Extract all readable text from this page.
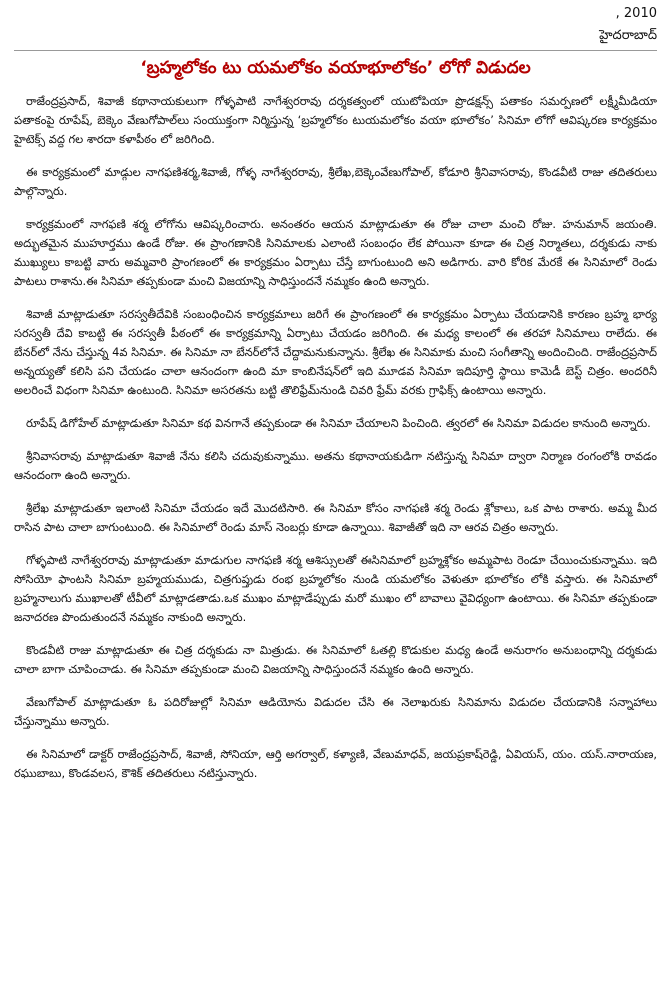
, 2010
హైదరాబాద్
‘బ్రహ్మలోకం టు యమలోకం వయాభూలోకం’ లోగో విడుదల

రాజేంద్రప్రసాద్, శివాజీ కథానాయకులుగా గోళ్ళపాటి నాగేశ్వరరావు దర్శకత్వంలో యుటోపియా ప్రొడక్షన్స్ పతాకం సమర్పణలో లక్ష్మీమీడియా పతాకంపై రూపేష్, బెక్కెం వేణుగోపాల్‌లు సంయుక్తంగా నిర్మిస్తున్న ‘బ్రహ్మలోకం టుయమలోకం వయా భూలోకం’ సినిమా లోగో ఆవిష్కరణ కార్యక్రమం హైటెక్స్ వద్ద గల శారదా కళాపీఠం లో జరిగింది.

ఈ కార్యక్రమంలో మాడ్గుల నాగఫణిశర్మ,శివాజీ, గోళ్ళ నాగేశ్వరరావు, శ్రీలేఖ,బెక్కెంవేణుగోపాల్, కోడూరి శ్రీనివాసరావు, కొండవీటి రాజు తదితరులు పాల్గొన్నారు.

కార్యక్రమంలో నాగఫణి శర్మ లోగోను ఆవిష్కరించారు. అనంతరం ఆయన మాట్లాడుతూ ఈ రోజు చాలా మంచి రోజు. హనుమాన్ జయంతి. అద్భుతమైన ముహూర్తము ఉండే రోజు. ఈ ప్రాంగణానికి సినిమాలకు ఎలాంటి సంబంధం లేక పోయినా కూడా ఈ చిత్ర నిర్మాతలు, దర్శకుడు నాకు ముఖ్యులు కాబట్టి వారు అమ్మవారి ప్రాంగణంలో ఈ కార్యక్రమం ఏర్పాటు చేస్తే బాగుంటుంది అని అడిగారు. వారి కోరిక మేరకే ఈ సినిమాలో రెండు పాటలు రాశాను.ఈ సినిమా తప్పకుండా మంచి విజయాన్ని సాధిస్తుందనే నమ్మకం ఉంది అన్నారు.

శివాజీ మాట్లాడుతూ సరస్వతీదేవికి సంబంధించిన కార్యక్రమాలు జరిగే ఈ ప్రాంగణంలో ఈ కార్యక్రమం ఏర్పాటు చేయడానికి కారణం బ్రహ్మ భార్య సరస్వతీ దేవి కాబట్టి ఈ సరస్వతీ పీఠంలో ఈ కార్యక్రమాన్ని ఏర్పాటు చేయడం జరిగింది. ఈ మధ్య కాలంలో ఈ తరహా సినిమాలు రాలేదు. ఈ బేనర్‌లో నేను చేస్తున్న 4వ సినిమా. ఈ సినిమా నా బేనర్‌లోనే చేద్దామనుకున్నాను. శ్రీలేఖ ఈ సినిమాకు మంచి సంగీతాన్ని అందించింది. రాజేంద్రప్రసాద్ అన్నయ్యతో కలిసి పని చేయడం చాలా ఆనందంగా ఉంది మా కాంబినేషన్‌లో ఇది మూడవ సినిమా ఇదిపూర్తి స్థాయి కామెడీ బెస్ట్ చిత్రం. అందరినీ అలరించే విధంగా సినిమా ఉంటుంది. సినిమా అసరతను బట్టి తొలిఫ్రేమ్‌నుండి చివరి ఫ్రేమ్ వరకు గ్రాఫిక్స్ ఉంటాయి అన్నారు.

రూపేష్ డిగోహేల్ మాట్లాడుతూ సినిమా కథ వినగానే తప్పకుండా ఈ సినిమా చేయాలని పించింది. త్వరలో ఈ సినిమా విడుదల కానుంది అన్నారు.

శ్రీనివాసరావు మాట్లాడుతూ శివాజీ నేను కలిసి చదువుకున్నాము. అతను కథానాయకుడిగా నటిస్తున్న సినిమా ద్వారా నిర్మాణ రంగంలోకి రావడం ఆనందంగా ఉంది అన్నారు.

శ్రీలేఖ మాట్లాడుతూ ఇలాంటి సినిమా చేయడం ఇదే మొదటిసారి. ఈ సినిమా కోసం నాగఫణి శర్మ రెండు శ్లోకాలు, ఒక పాట రాశారు. అమ్మ మీద రాసిన పాట చాలా బాగుంటుంది. ఈ సినిమాలో రెండు మాస్ నెంబర్లు కూడా ఉన్నాయి. శివాజీతో ఇది నా ఆరవ చిత్రం అన్నారు.

గోళ్ళపాటి నాగేశ్వరరావు మాట్లాడుతూ మాడుగుల నాగఫణి శర్మ ఆశిస్సులతో ఈసినిమాలో బ్రహ్మశ్లోకం అమ్మపాట రెండూ చేయించుకున్నాము. ఇది సోసియో ఫాంటసి సినిమా బ్రహ్మయముడు, చిత్రగుప్తుడు రంభ బ్రహ్మలోకం నుండి యమలోకం వెళుతూ భూలోకం లోకి వస్తారు. ఈ సినిమాలో బ్రహ్మనాలుగు ముఖాలతో టీవీలో మాట్లాడతాడు.ఒక ముఖం మాట్లాడేప్పుడు మరో ముఖం లో బావాలు వైవిధ్యంగా ఉంటాయి. ఈ సినిమా తప్పకుండా జనాదరణ పొందుతుందనే నమ్మకం నాకుంది అన్నారు.

కొండవీటి రాజు మాట్లాడుతూ ఈ చిత్ర దర్శకుడు నా మిత్రుడు. ఈ సినిమాలో ఓతల్లి కొడుకుల మధ్య ఉండే అనురాగం అనుబంధాన్ని దర్శకుడు చాలా బాగా చూపించాడు. ఈ సినిమా తప్పకుండా మంచి విజయాన్ని సాధిస్తుందనే నమ్మకం ఉంది అన్నారు.

వేణుగోపాల్ మాట్లాడుతూ ఓ పదిరోజుల్లో సినిమా ఆడియోను విడుదల చేసి ఈ నెలాఖరుకు సినిమాను విడుదల చేయడానికి సన్నాహాలు చేస్తున్నాము అన్నారు.

ఈ సినిమాలో డాక్టర్ రాజేంద్రప్రసాద్, శివాజీ, సోనియా, ఆర్తి అగర్వాల్, కళ్యాణి, వేణుమాధవ్, జయప్రకాష్‌రెడ్డి, ఏవియస్, యం. యస్.నారాయణ, రఘుబాబు, కొండవలస, కౌశిక్ తదితరులు నటిస్తున్నారు.
